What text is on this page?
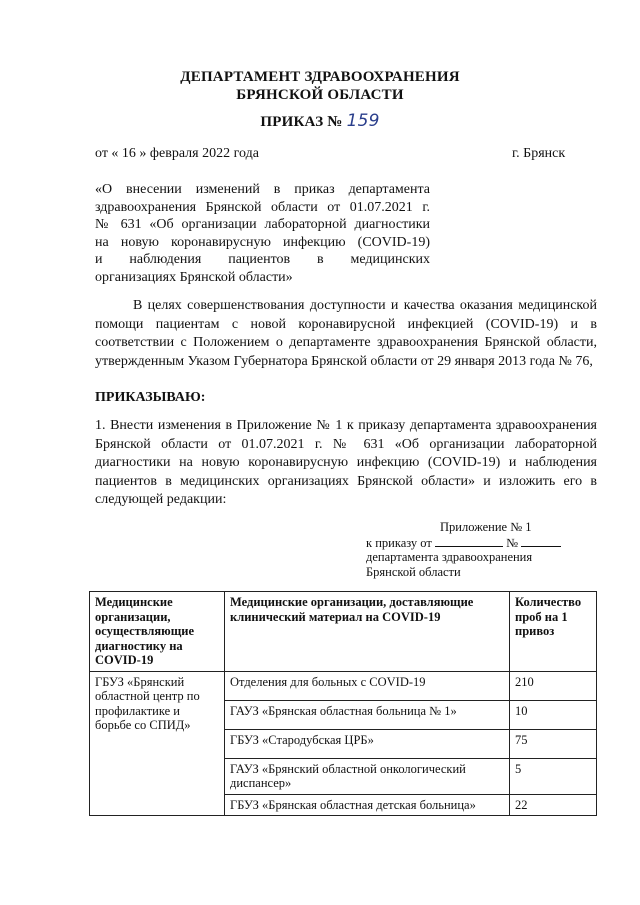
ДЕПАРТАМЕНТ ЗДРАВООХРАНЕНИЯ
БРЯНСКОЙ ОБЛАСТИ
ПРИКАЗ № 159
от « 16 » февраля 2022 года	г. Брянск
«О внесении изменений в приказ департамента
здравоохранения Брянской области от 01.07.2021 г.
№ 631 «Об организации лабораторной диагностики
на новую коронавирусную инфекцию (COVID-19)
и наблюдения пациентов в медицинских
организациях Брянской области»
В целях совершенствования доступности и качества оказания медицинской помощи пациентам с новой коронавирусной инфекцией (COVID-19) и в соответствии с Положением о департаменте здравоохранения Брянской области, утвержденным Указом Губернатора Брянской области от 29 января 2013 года № 76,
ПРИКАЗЫВАЮ:
1. Внести изменения в Приложение № 1 к приказу департамента здравоохранения Брянской области от 01.07.2021 г. № 631 «Об организации лабораторной диагностики на новую коронавирусную инфекцию (COVID-19) и наблюдения пациентов в медицинских организациях Брянской области» и изложить его в следующей редакции:
Приложение № 1
к приказу от	№
департамента здравоохранения
Брянской области
Медицинские организации, осуществляющие диагностику на COVID-19	Медицинские организации, доставляющие клинический материал на COVID-19	Количество проб на 1 привоз
ГБУЗ «Брянский областной центр по профилактике и борьбе со СПИД»	Отделения для больных с COVID-19	210
	ГАУЗ «Брянская областная больница № 1»	10
	ГБУЗ «Стародубская ЦРБ»	75
	ГАУЗ «Брянский областной онкологический диспансер»	5
	ГБУЗ «Брянская областная детская больница»	22
